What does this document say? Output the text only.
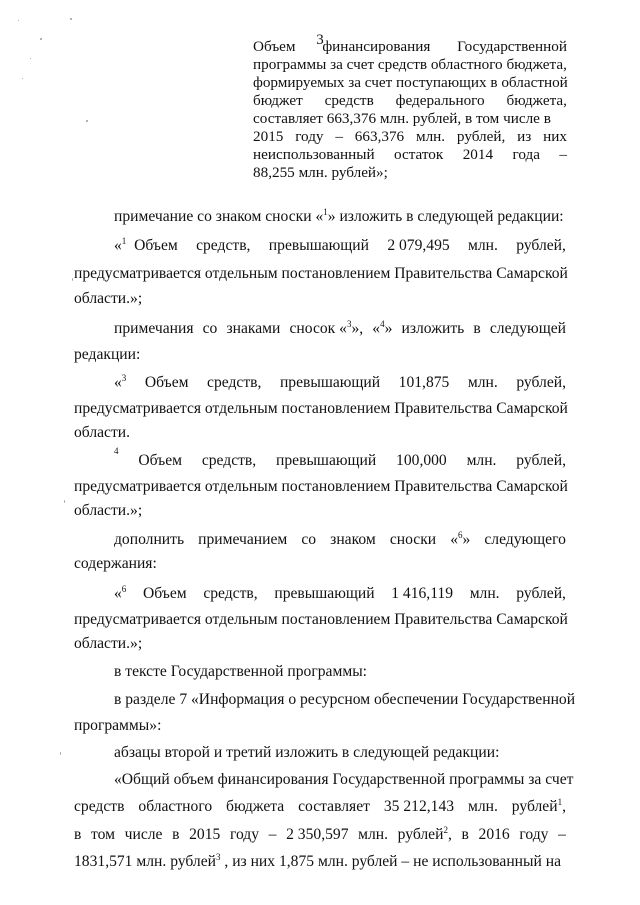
3
Объем финансирования Государственной
программы за счет средств областного бюджета,
формируемых за счет поступающих в областной
бюджет средств федерального бюджета,
составляет 663,376 млн. рублей, в том числе в
2015 году – 663,376 млн. рублей, из них
неиспользованный остаток 2014 года –
88,255 млн. рублей»;
примечание со знаком сноски «$^1$» изложить в следующей редакции:
«$^1$ Объем средств, превышающий 2 079,495 млн. рублей,
предусматривается отдельным постановлением Правительства Самарской
области.»;
примечания со знаками сносок «$^3$», «$^4$» изложить в следующей
редакции:
«$^3$ Объем средств, превышающий 101,875 млн. рублей,
предусматривается отдельным постановлением Правительства Самарской
области.
4
Объем средств, превышающий 100,000 млн. рублей,
предусматривается отдельным постановлением Правительства Самарской
области.»;
дополнить примечанием со знаком сноски «$^6$» следующего
содержания:
«$^6$ Объем средств, превышающий 1 416,119 млн. рублей,
предусматривается отдельным постановлением Правительства Самарской
области.»;
в тексте Государственной программы:
в разделе 7 «Информация о ресурсном обеспечении Государственной
программы»:
абзацы второй и третий изложить в следующей редакции:
«Общий объем финансирования Государственной программы за счет
средств областного бюджета составляет 35 212,143 млн. рублей$^1$,
в том числе в 2015 году – 2 350,597 млн. рублей$^2$, в 2016 году –
1831,571 млн. рублей$^3$ , из них 1,875 млн. рублей – не использованный на
